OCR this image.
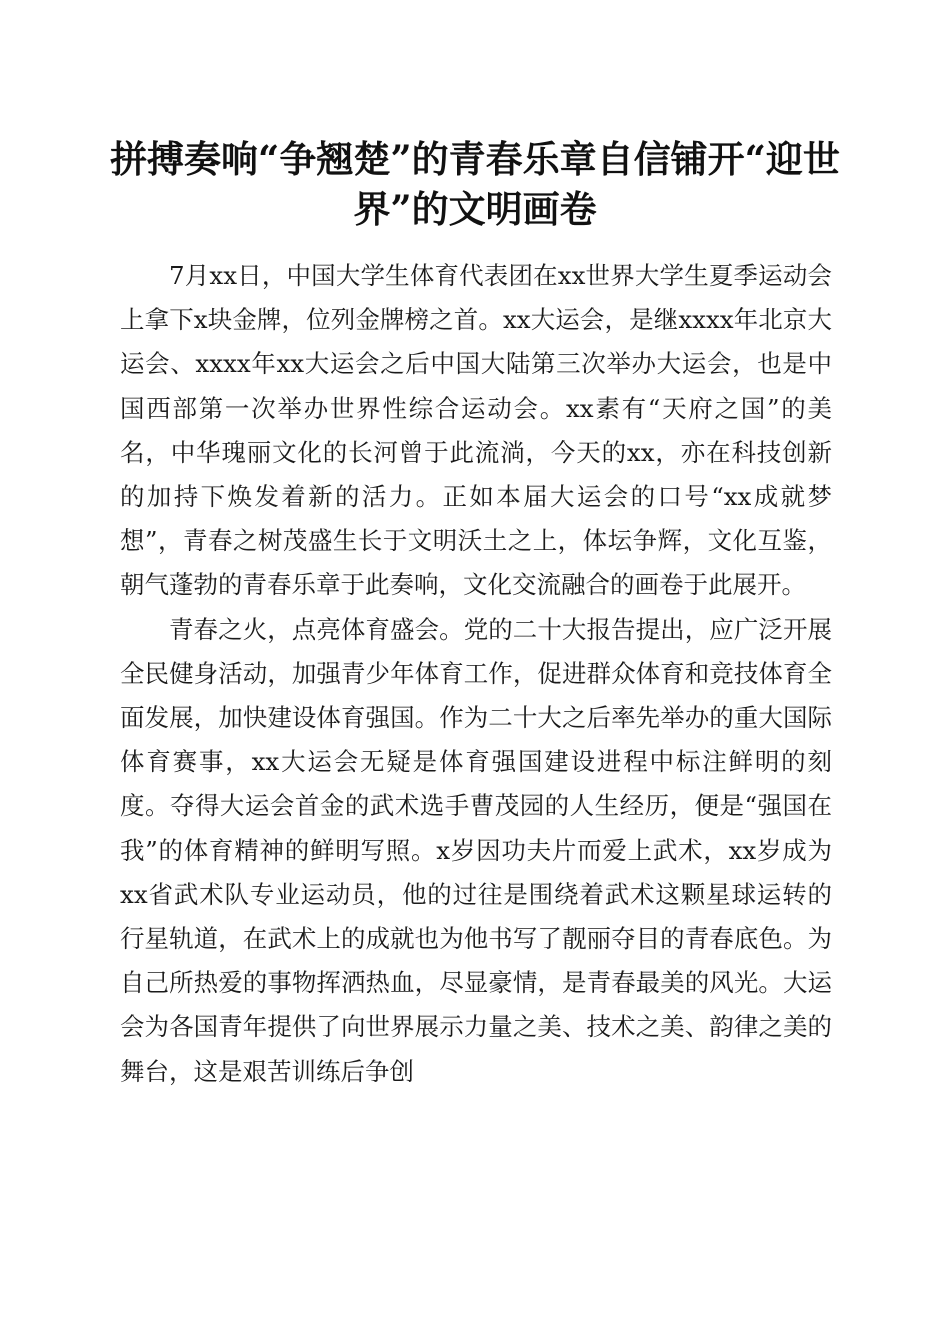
拼搏奏响“争翘楚”的青春乐章自信铺开“迎世界”的文明画卷

7月xx日，中国大学生体育代表团在xx世界大学生夏季运动会上拿下x块金牌，位列金牌榜之首。xx大运会，是继xxxx年北京大运会、xxxx年xx大运会之后中国大陆第三次举办大运会，也是中国西部第一次举办世界性综合运动会。xx素有“天府之国”的美名，中华瑰丽文化的长河曾于此流淌，今天的xx，亦在科技创新的加持下焕发着新的活力。正如本届大运会的口号“xx成就梦想”，青春之树茂盛生长于文明沃土之上，体坛争辉，文化互鉴，朝气蓬勃的青春乐章于此奏响，文化交流融合的画卷于此展开。

青春之火，点亮体育盛会。党的二十大报告提出，应广泛开展全民健身活动，加强青少年体育工作，促进群众体育和竞技体育全面发展，加快建设体育强国。作为二十大之后率先举办的重大国际体育赛事，xx大运会无疑是体育强国建设进程中标注鲜明的刻度。夺得大运会首金的武术选手曹茂园的人生经历，便是“强国在我”的体育精神的鲜明写照。x岁因功夫片而爱上武术，xx岁成为xx省武术队专业运动员，他的过往是围绕着武术这颗星球运转的行星轨道，在武术上的成就也为他书写了靓丽夺目的青春底色。为自己所热爱的事物挥洒热血，尽显豪情，是青春最美的风光。大运会为各国青年提供了向世界展示力量之美、技术之美、韵律之美的舞台，这是艰苦训练后争创
